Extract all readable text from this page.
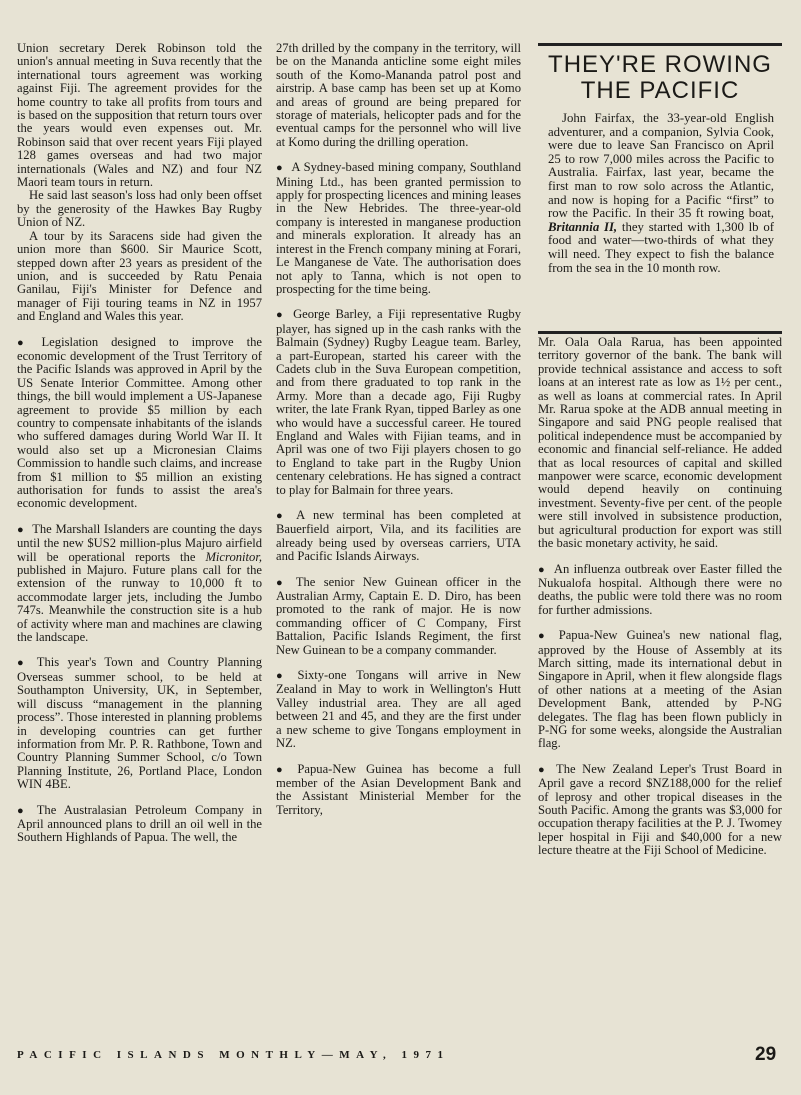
Union secretary Derek Robinson told the union's annual meeting in Suva recently that the international tours agreement was working against Fiji. The agreement provides for the home country to take all profits from tours and is based on the supposition that return tours over the years would even expenses out. Mr. Robinson said that over recent years Fiji played 128 games overseas and had two major internationals (Wales and NZ) and four NZ Maori team tours in return.

He said last season's loss had only been offset by the generosity of the Hawkes Bay Rugby Union of NZ.

A tour by its Saracens side had given the union more than $600. Sir Maurice Scott, stepped down after 23 years as president of the union, and is succeeded by Ratu Penaia Ganilau, Fiji's Minister for Defence and manager of Fiji touring teams in NZ in 1957 and England and Wales this year.

● Legislation designed to improve the economic development of the Trust Territory of the Pacific Islands was approved in April by the US Senate Interior Committee. Among other things, the bill would implement a US-Japanese agreement to provide $5 million by each country to compensate inhabitants of the islands who suffered damages during World War II. It would also set up a Micronesian Claims Commission to handle such claims, and increase from $1 million to $5 million an existing authorisation for funds to assist the area's economic development.

● The Marshall Islanders are counting the days until the new $US2 million-plus Majuro airfield will be operational reports the Micronitor, published in Majuro. Future plans call for the extension of the runway to 10,000 ft to accommodate larger jets, including the Jumbo 747s. Meanwhile the construction site is a hub of activity where man and machines are clawing the landscape.

● This year's Town and Country Planning Overseas summer school, to be held at Southampton University, UK, in September, will discuss “management in the planning process”. Those interested in planning problems in developing countries can get further information from Mr. P. R. Rathbone, Town and Country Planning Summer School, c/o Town Planning Institute, 26, Portland Place, London WIN 4BE.

● The Australasian Petroleum Company in April announced plans to drill an oil well in the Southern Highlands of Papua. The well, the

27th drilled by the company in the territory, will be on the Mananda anticline some eight miles south of the Komo-Mananda patrol post and airstrip. A base camp has been set up at Komo and areas of ground are being prepared for storage of materials, helicopter pads and for the eventual camps for the personnel who will live at Komo during the drilling operation.

● A Sydney-based mining company, Southland Mining Ltd., has been granted permission to apply for prospecting licences and mining leases in the New Hebrides. The three-year-old company is interested in manganese production and minerals exploration. It already has an interest in the French company mining at Forari, Le Manganese de Vate. The authorisation does not aply to Tanna, which is not open to prospecting for the time being.

● George Barley, a Fiji representative Rugby player, has signed up in the cash ranks with the Balmain (Sydney) Rugby League team. Barley, a part-European, started his career with the Cadets club in the Suva European competition, and from there graduated to top rank in the Army. More than a decade ago, Fiji Rugby writer, the late Frank Ryan, tipped Barley as one who would have a successful career. He toured England and Wales with Fijian teams, and in April was one of two Fiji players chosen to go to England to take part in the Rugby Union centenary celebrations. He has signed a contract to play for Balmain for three years.

● A new terminal has been completed at Bauerfield airport, Vila, and its facilities are already being used by overseas carriers, UTA and Pacific Islands Airways.

● The senior New Guinean officer in the Australian Army, Captain E. D. Diro, has been promoted to the rank of major. He is now commanding officer of C Company, First Battalion, Pacific Islands Regiment, the first New Guinean to be a company commander.

● Sixty-one Tongans will arrive in New Zealand in May to work in Wellington's Hutt Valley industrial area. They are all aged between 21 and 45, and they are the first under a new scheme to give Tongans employment in NZ.

● Papua-New Guinea has become a full member of the Asian Development Bank and the Assistant Ministerial Member for the Territory,

THEY'RE ROWING THE PACIFIC
John Fairfax, the 33-year-old English adventurer, and a companion, Sylvia Cook, were due to leave San Francisco on April 25 to row 7,000 miles across the Pacific to Australia. Fairfax, last year, became the first man to row solo across the Atlantic, and now is hoping for a Pacific “first” to row the Pacific. In their 35 ft rowing boat, Britannia II, they started with 1,300 lb of food and water—two-thirds of what they will need. They expect to fish the balance from the sea in the 10 month row.

Mr. Oala Oala Rarua, has been appointed territory governor of the bank. The bank will provide technical assistance and access to soft loans at an interest rate as low as 1½ per cent., as well as loans at commercial rates. In April Mr. Rarua spoke at the ADB annual meeting in Singapore and said PNG people realised that political independence must be accompanied by economic and financial self-reliance. He added that as local resources of capital and skilled manpower were scarce, economic development would depend heavily on continuing investment. Seventy-five per cent. of the people were still involved in subsistence production, but agricultural production for export was still the basic monetary activity, he said.

● An influenza outbreak over Easter filled the Nukualofa hospital. Although there were no deaths, the public were told there was no room for further admissions.

● Papua-New Guinea's new national flag, approved by the House of Assembly at its March sitting, made its international debut in Singapore in April, when it flew alongside flags of other nations at a meeting of the Asian Development Bank, attended by P-NG delegates. The flag has been flown publicly in P-NG for some weeks, alongside the Australian flag.

● The New Zealand Leper's Trust Board in April gave a record $NZ188,000 for the relief of leprosy and other tropical diseases in the South Pacific. Among the grants was $3,000 for occupation therapy facilities at the P. J. Twomey leper hospital in Fiji and $40,000 for a new lecture theatre at the Fiji School of Medicine.

PACIFIC ISLANDS MONTHLY—MAY, 1971	29
